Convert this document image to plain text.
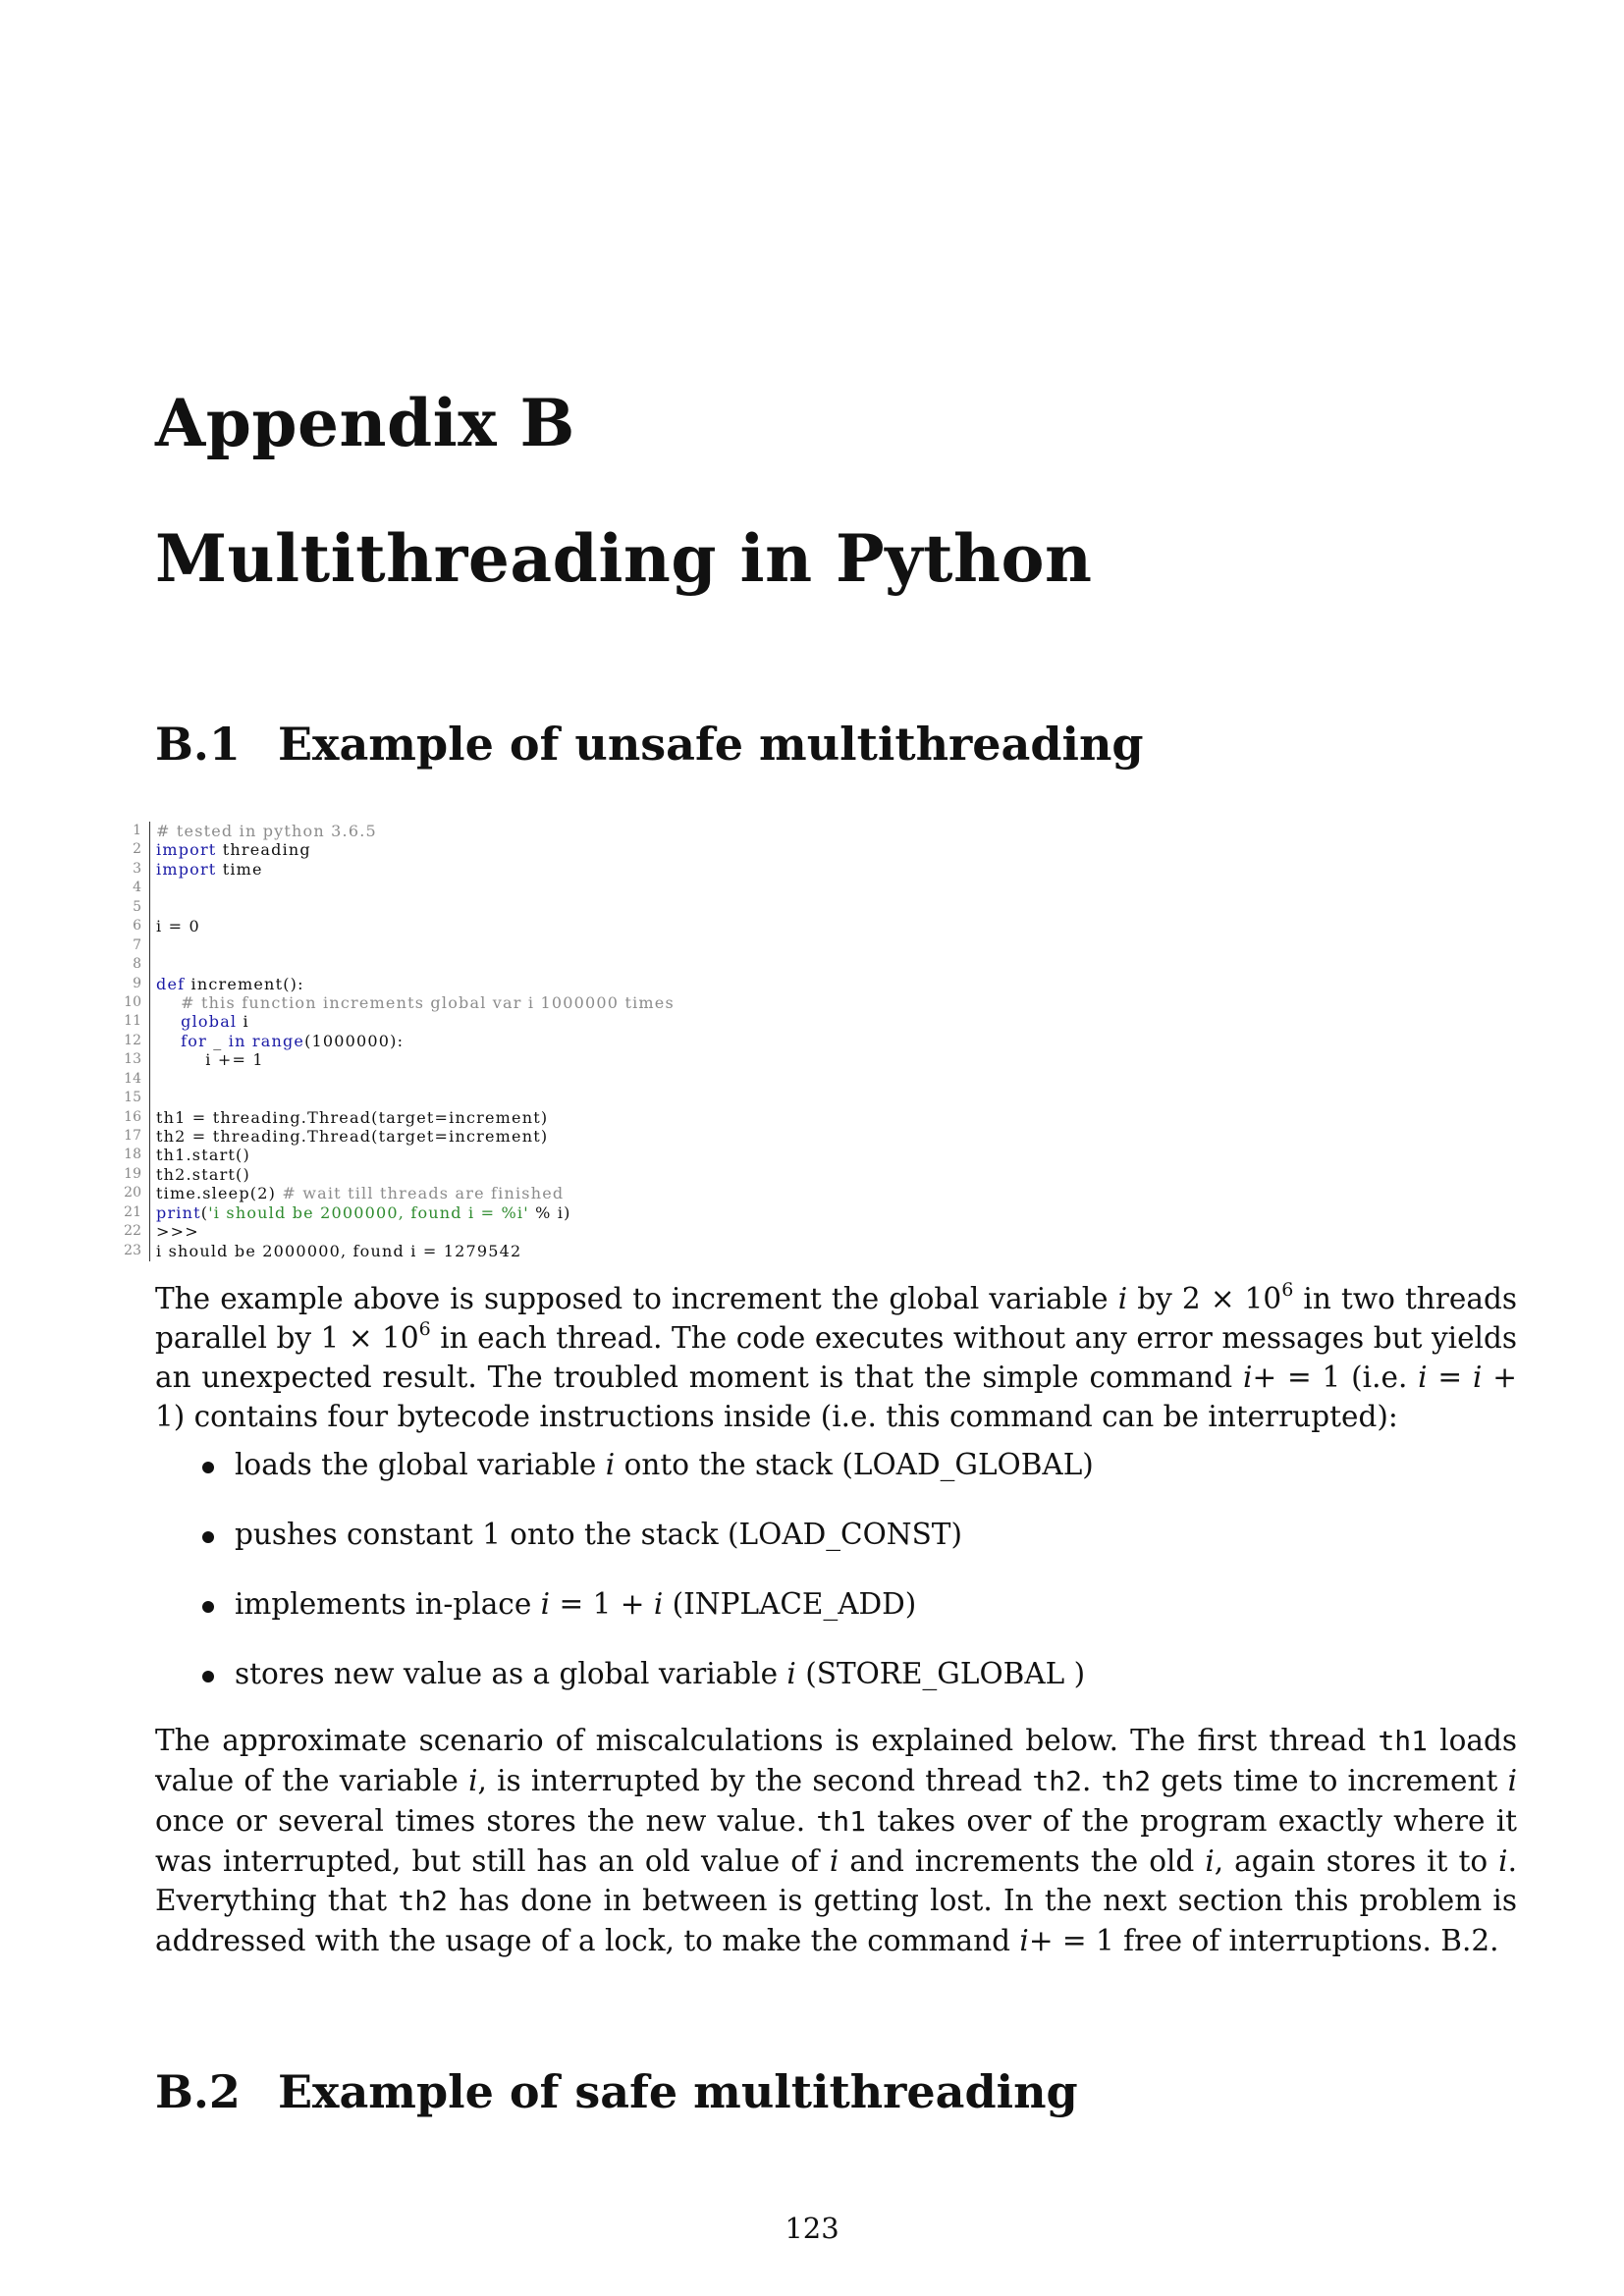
Appendix B
Multithreading in Python
B.1 Example of unsafe multithreading
1 # tested in python 3.6.5
2 import threading
3 import time
4
5
6 i = 0
7
8
9 def increment():
10	# this function increments global var i 1000000 times
11	global i
12	for _ in range(1000000):
13 i += 1
14
15
16 th1 = threading.Thread(target=increment)
17 th2 = threading.Thread(target=increment)
18 th1.start()
19 th2.start()
20 time.sleep(2) # wait till threads are finished
21 print('i should be 2000000, found i = %i' % i)
22 >>>
23 i should be 2000000, found i = 1279542

The example above is supposed to increment the global variable i by $2 \times 10^6$ in two threads parallel by $1 \times 10^6$ in each thread. The code executes without any error messages but yields an unexpected result. The troubled moment is that the simple command i+ = 1 (i.e. i = i + 1) contains four bytecode instructions inside (i.e. this command can be interrupted):

loads the global variable i onto the stack (LOAD_GLOBAL)
pushes constant 1 onto the stack (LOAD_CONST)
implements in-place i = 1 + i (INPLACE_ADD)
stores new value as a global variable i (STORE_GLOBAL )

The approximate scenario of miscalculations is explained below. The first thread th1 loads value of the variable i, is interrupted by the second thread th2. th2 gets time to increment i once or several times stores the new value. th1 takes over of the program exactly where it was interrupted, but still has an old value of i and increments the old i, again stores it to i. Everything that th2 has done in between is getting lost. In the next section this problem is addressed with the usage of a lock, to make the command i+ = 1 free of interruptions. B.2.

B.2 Example of safe multithreading

123
